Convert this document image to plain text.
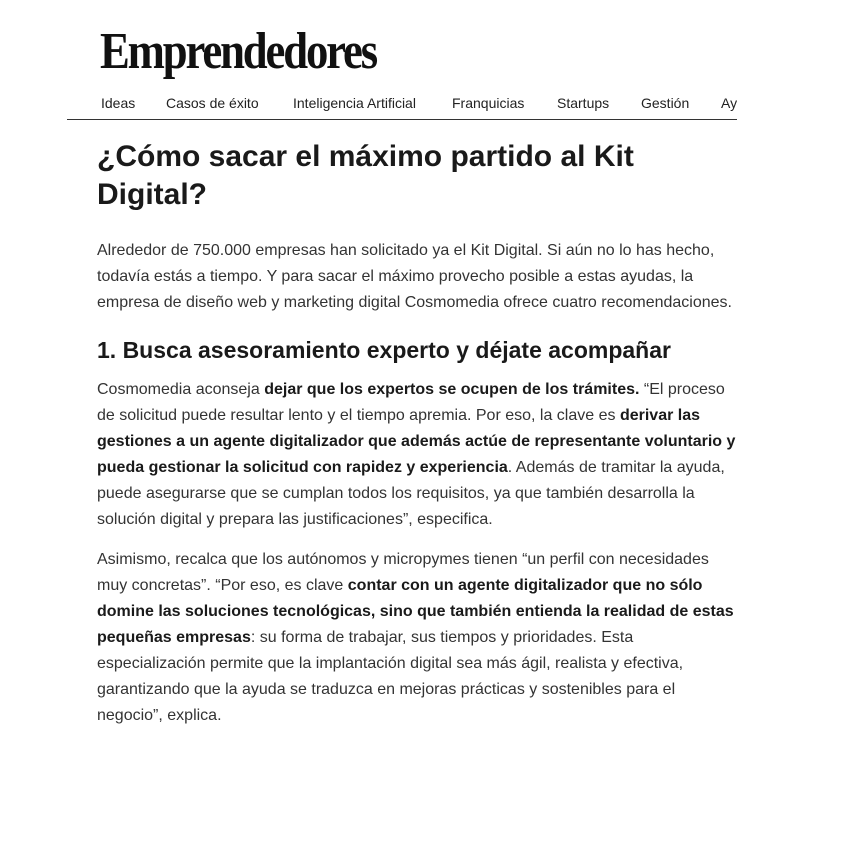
Emprendedores
Ideas Casos de éxito Inteligencia Artificial	Franquicias Startups Gestión Ay
¿Cómo sacar el máximo partido al Kit Digital?

Alrededor de 750.000 empresas han solicitado ya el Kit Digital. Si aún no lo has hecho, todavía estás a tiempo. Y para sacar el máximo provecho posible a estas ayudas, la empresa de diseño web y marketing digital Cosmomedia ofrece cuatro recomendaciones.

1. Busca asesoramiento experto y déjate acompañar

Cosmomedia aconseja dejar que los expertos se ocupen de los trámites. “El proceso de solicitud puede resultar lento y el tiempo apremia. Por eso, la clave es derivar las gestiones a un agente digitalizador que además actúe de representante voluntario y pueda gestionar la solicitud con rapidez y experiencia. Además de tramitar la ayuda, puede asegurarse que se cumplan todos los requisitos, ya que también desarrolla la solución digital y prepara las justificaciones”, especifica.

Asimismo, recalca que los autónomos y micropymes tienen “un perfil con necesidades muy concretas”. “Por eso, es clave contar con un agente digitalizador que no sólo domine las soluciones tecnológicas, sino que también entienda la realidad de estas pequeñas empresas: su forma de trabajar, sus tiempos y prioridades. Esta especialización permite que la implantación digital sea más ágil, realista y efectiva, garantizando que la ayuda se traduzca en mejoras prácticas y sostenibles para el negocio”, explica.
